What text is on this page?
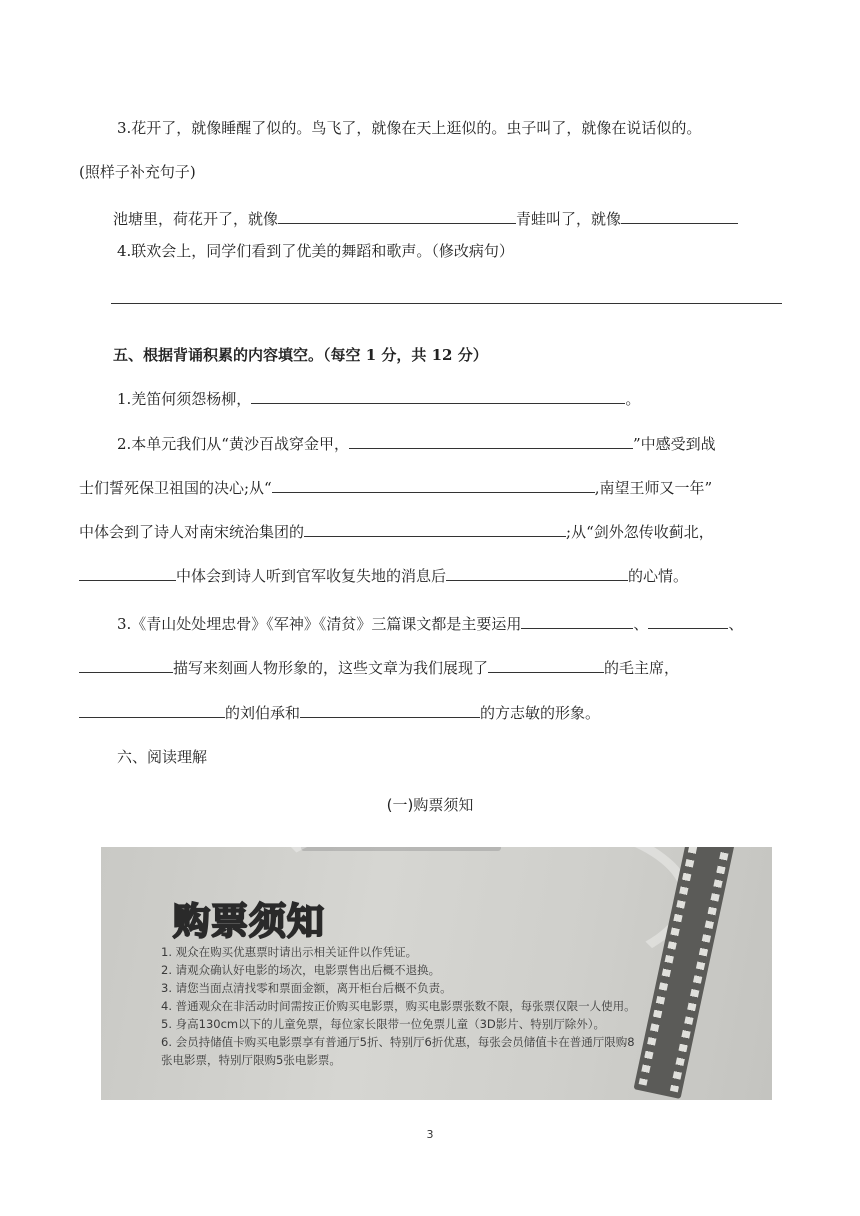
3.花开了，就像睡醒了似的。鸟飞了，就像在天上逛似的。虫子叫了，就像在说话似的。
(照样子补充句子)
池塘里，荷花开了，就像	青蛙叫了，就像
4.联欢会上，同学们看到了优美的舞蹈和歌声。（修改病句）
五、根据背诵积累的内容填空。（每空 1 分，共 12 分）
1.羌笛何须怨杨柳，	。
2.本单元我们从“黄沙百战穿金甲，	”中感受到战
士们誓死保卫祖国的决心;从“	,南望王师又一年”
中体会到了诗人对南宋统治集团的	;从“剑外忽传收蓟北，
中体会到诗人听到官军收复失地的消息后	的心情。
3.《青山处处埋忠骨》《军神》《清贫》三篇课文都是主要运用	、	、
描写来刻画人物形象的，这些文章为我们展现了	的毛主席，
的刘伯承和	的方志敏的形象。
六、阅读理解
(一)购票须知
购票须知
1. 观众在购买优惠票时请出示相关证件以作凭证。
2. 请观众确认好电影的场次，电影票售出后概不退换。
3. 请您当面点清找零和票面金额，离开柜台后概不负责。
4. 普通观众在非活动时间需按正价购买电影票，购买电影票张数不限，每张票仅限一人使用。
5. 身高130cm以下的儿童免票，每位家长限带一位免票儿童（3D影片、特别厅除外）。
6. 会员持储值卡购买电影票享有普通厅5折、特别厅6折优惠，每张会员储值卡在普通厅限购8
张电影票，特别厅限购5张电影票。
3
